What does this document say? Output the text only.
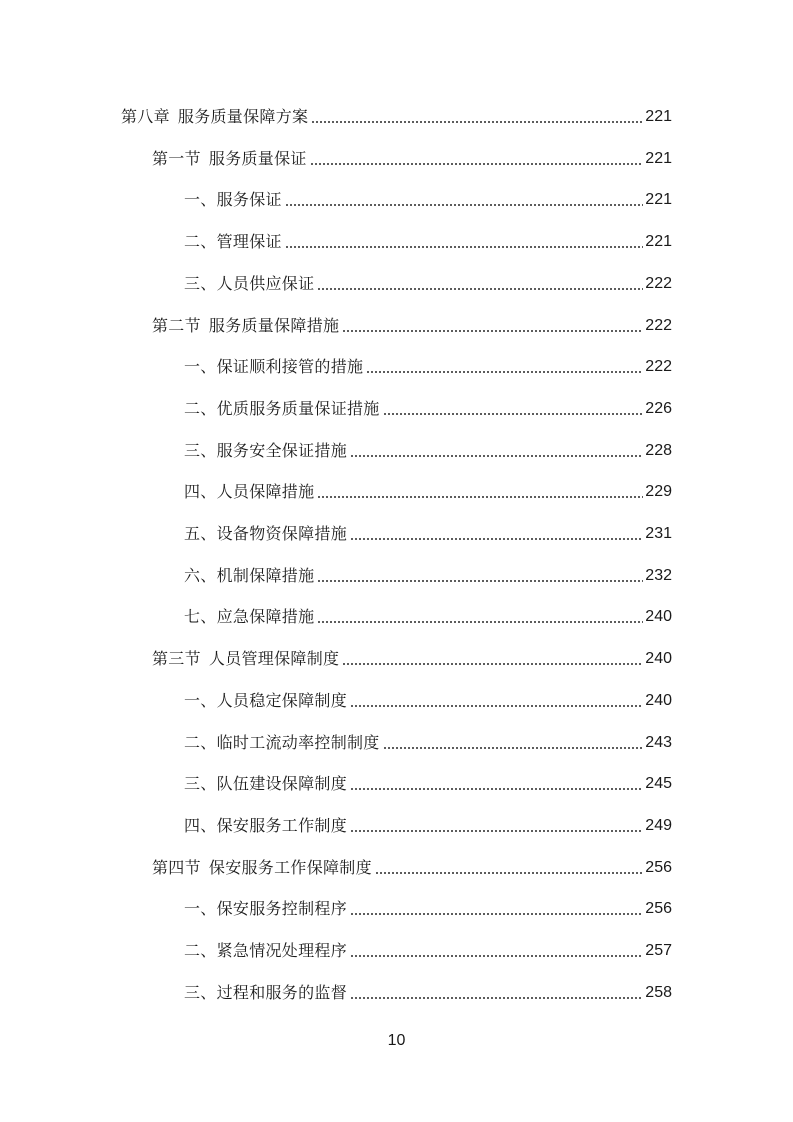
第八章 服务质量保障方案	221
第一节 服务质量保证	221
一、服务保证	221
二、管理保证	221
三、人员供应保证	222
第二节 服务质量保障措施	222
一、保证顺利接管的措施	222
二、优质服务质量保证措施	226
三、服务安全保证措施	228
四、人员保障措施	229
五、设备物资保障措施	231
六、机制保障措施	232
七、应急保障措施	240
第三节 人员管理保障制度	240
一、人员稳定保障制度	240
二、临时工流动率控制制度	243
三、队伍建设保障制度	245
四、保安服务工作制度	249
第四节 保安服务工作保障制度	256
一、保安服务控制程序	256
二、紧急情况处理程序	257
三、过程和服务的监督	258
10
